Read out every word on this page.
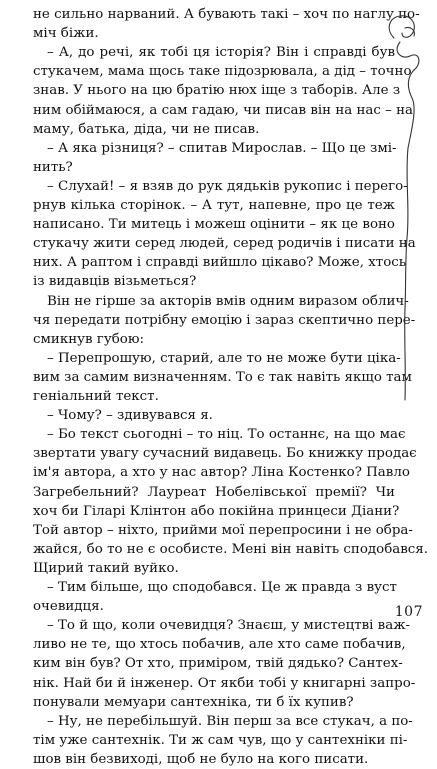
не сильно нарваний. А бувають такі – хоч по наглу по-
міч біжи.
– А, до речі, як тобі ця історія? Він і справді був
стукачем, мама щось таке підозрювала, а дід – точно
знав. У нього на цю братію нюх іще з таборів. Але з
ним обіймаюся, а сам гадаю, чи писав він на нас – на
маму, батька, діда, чи не писав.
– А яка різниця? – спитав Мирослав. – Що це змі-
нить?
– Слухай! – я взяв до рук дядьків рукопис і перего-
рнув кілька сторінок. – А тут, напевне, про це теж
написано. Ти митець і можеш оцінити – як це воно
стукачу жити серед людей, серед родичів і писати на
них. А раптом і справді вийшло цікаво? Може, хтось
із видавців візьметься?
Він не гірше за акторів вмів одним виразом облич-
чя передати потрібну емоцію і зараз скептично пере-
смикнув губою:
– Перепрошую, старий, але то не може бути ціка-
вим за самим визначенням. То є так навіть якщо там
геніальний текст.
– Чому? – здивувався я.
– Бо текст сьогодні – то ніц. То останнє, на що має
звертати увагу сучасний видавець. Бо книжку продає
ім'я автора, а хто у нас автор? Ліна Костенко? Павло
Загребельний? Лауреат Нобелівської премії? Чи
хоч би Гіларі Клінтон або покійна принцеси Діани?
Той автор – ніхто, прийми мої перепросини і не обра-
жайся, бо то не є особисте. Мені він навіть сподобався.
Щирий такий вуйко.
– Тим більше, що сподобався. Це ж правда з вуст
очевидця.
– То й що, коли очевидця? Знаєш, у мистецтві важ-
ливо не те, що хтось побачив, але хто саме побачив,
ким він був? От хто, приміром, твій дядько? Сантех-
нік. Най би й інженер. От якби тобі у книгарні запро-
понували мемуари сантехніка, ти б їх купив?
– Ну, не перебільшуй. Він перш за все стукач, а по-
тім уже сантехнік. Ти ж сам чув, що у сантехніки пі-
шов він безвиході, щоб не було на кого писати.
107
